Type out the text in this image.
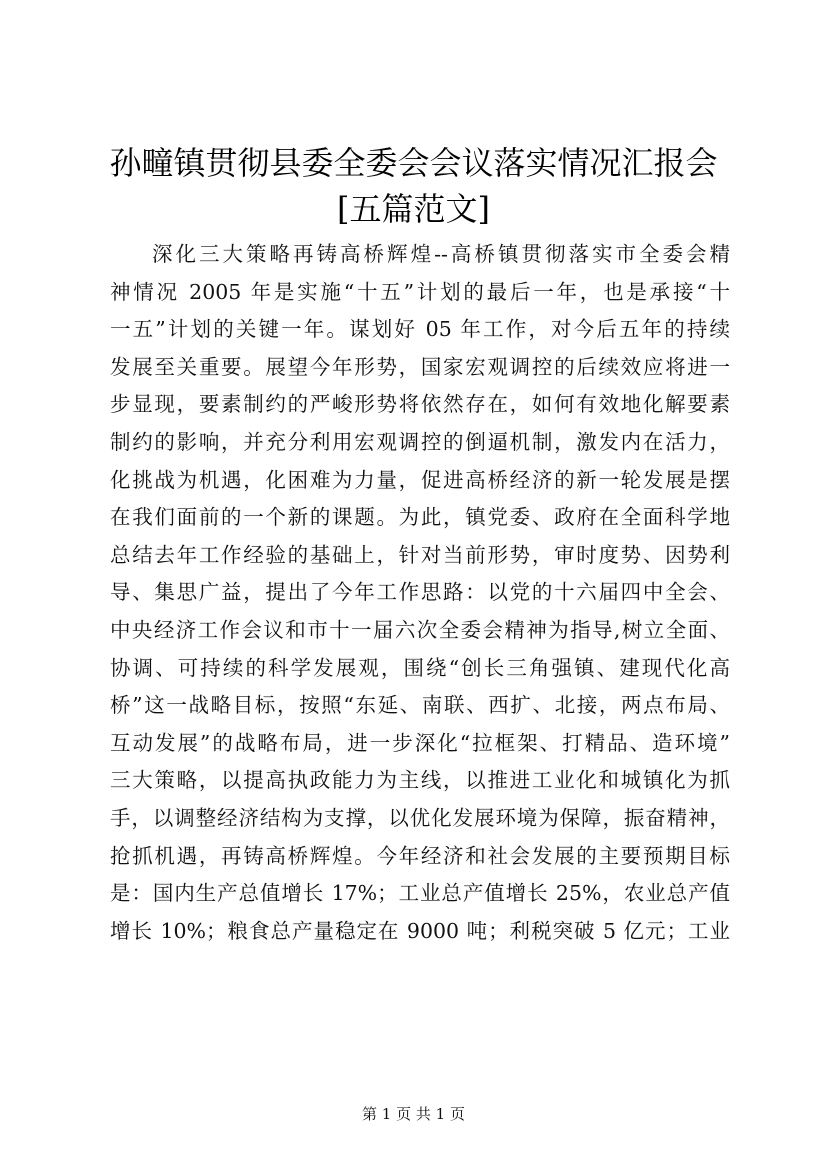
孙疃镇贯彻县委全委会会议落实情况汇报会
[五篇范文]
深化三大策略再铸高桥辉煌--高桥镇贯彻落实市全委会精
神情况 2005 年是实施“十五”计划的最后一年，也是承接“十
一五”计划的关键一年。谋划好 05 年工作，对今后五年的持续
发展至关重要。展望今年形势，国家宏观调控的后续效应将进一
步显现，要素制约的严峻形势将依然存在，如何有效地化解要素
制约的影响，并充分利用宏观调控的倒逼机制，激发内在活力，
化挑战为机遇，化困难为力量，促进高桥经济的新一轮发展是摆
在我们面前的一个新的课题。为此，镇党委、政府在全面科学地
总结去年工作经验的基础上，针对当前形势，审时度势、因势利
导、集思广益，提出了今年工作思路：以党的十六届四中全会、
中央经济工作会议和市十一届六次全委会精神为指导,树立全面、
协调、可持续的科学发展观，围绕“创长三角强镇、建现代化高
桥”这一战略目标，按照“东延、南联、西扩、北接，两点布局、
互动发展”的战略布局，进一步深化“拉框架、打精品、造环境”
三大策略，以提高执政能力为主线，以推进工业化和城镇化为抓
手，以调整经济结构为支撑，以优化发展环境为保障，振奋精神，
抢抓机遇，再铸高桥辉煌。今年经济和社会发展的主要预期目标
是：国内生产总值增长 17%；工业总产值增长 25%，农业总产值
增长 10%；粮食总产量稳定在 9000 吨；利税突破 5 亿元；工业
第 1 页 共 1 页
